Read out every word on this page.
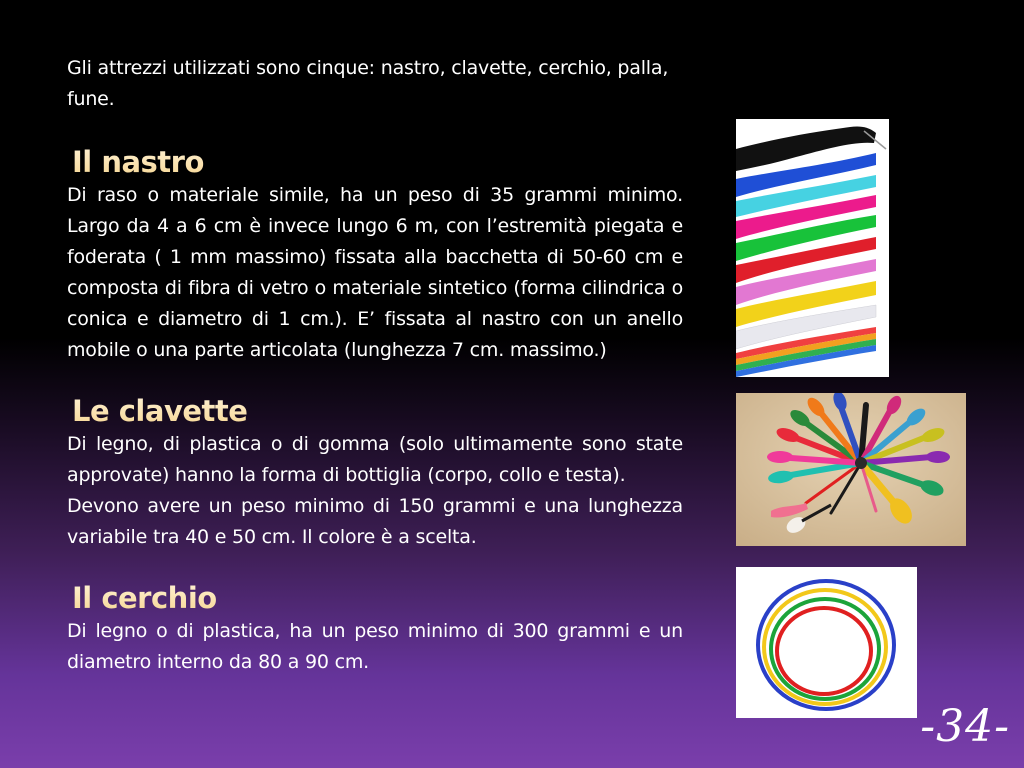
Gli attrezzi utilizzati sono cinque: nastro, clavette, cerchio, palla, fune.

Il nastro

Di raso o materiale simile, ha un peso di 35 grammi minimo. Largo da 4 a 6 cm è invece lungo 6 m, con l’estremità piegata e foderata ( 1 mm massimo) fissata alla bacchetta di 50-60 cm e composta di fibra di vetro o materiale sintetico (forma cilindrica o conica e diametro di 1 cm.). E’ fissata al nastro con un anello mobile o una parte articolata (lunghezza 7 cm. massimo.)

Le clavette

Di legno, di plastica o di gomma (solo ultimamente sono state approvate) hanno la forma di bottiglia (corpo, collo e testa).

Devono avere un peso minimo di 150 grammi e una lunghezza variabile tra 40 e 50 cm. Il colore è a scelta.

Il cerchio

Di legno o di plastica, ha un peso minimo di 300 grammi e un diametro interno da 80 a 90 cm.

-34-
